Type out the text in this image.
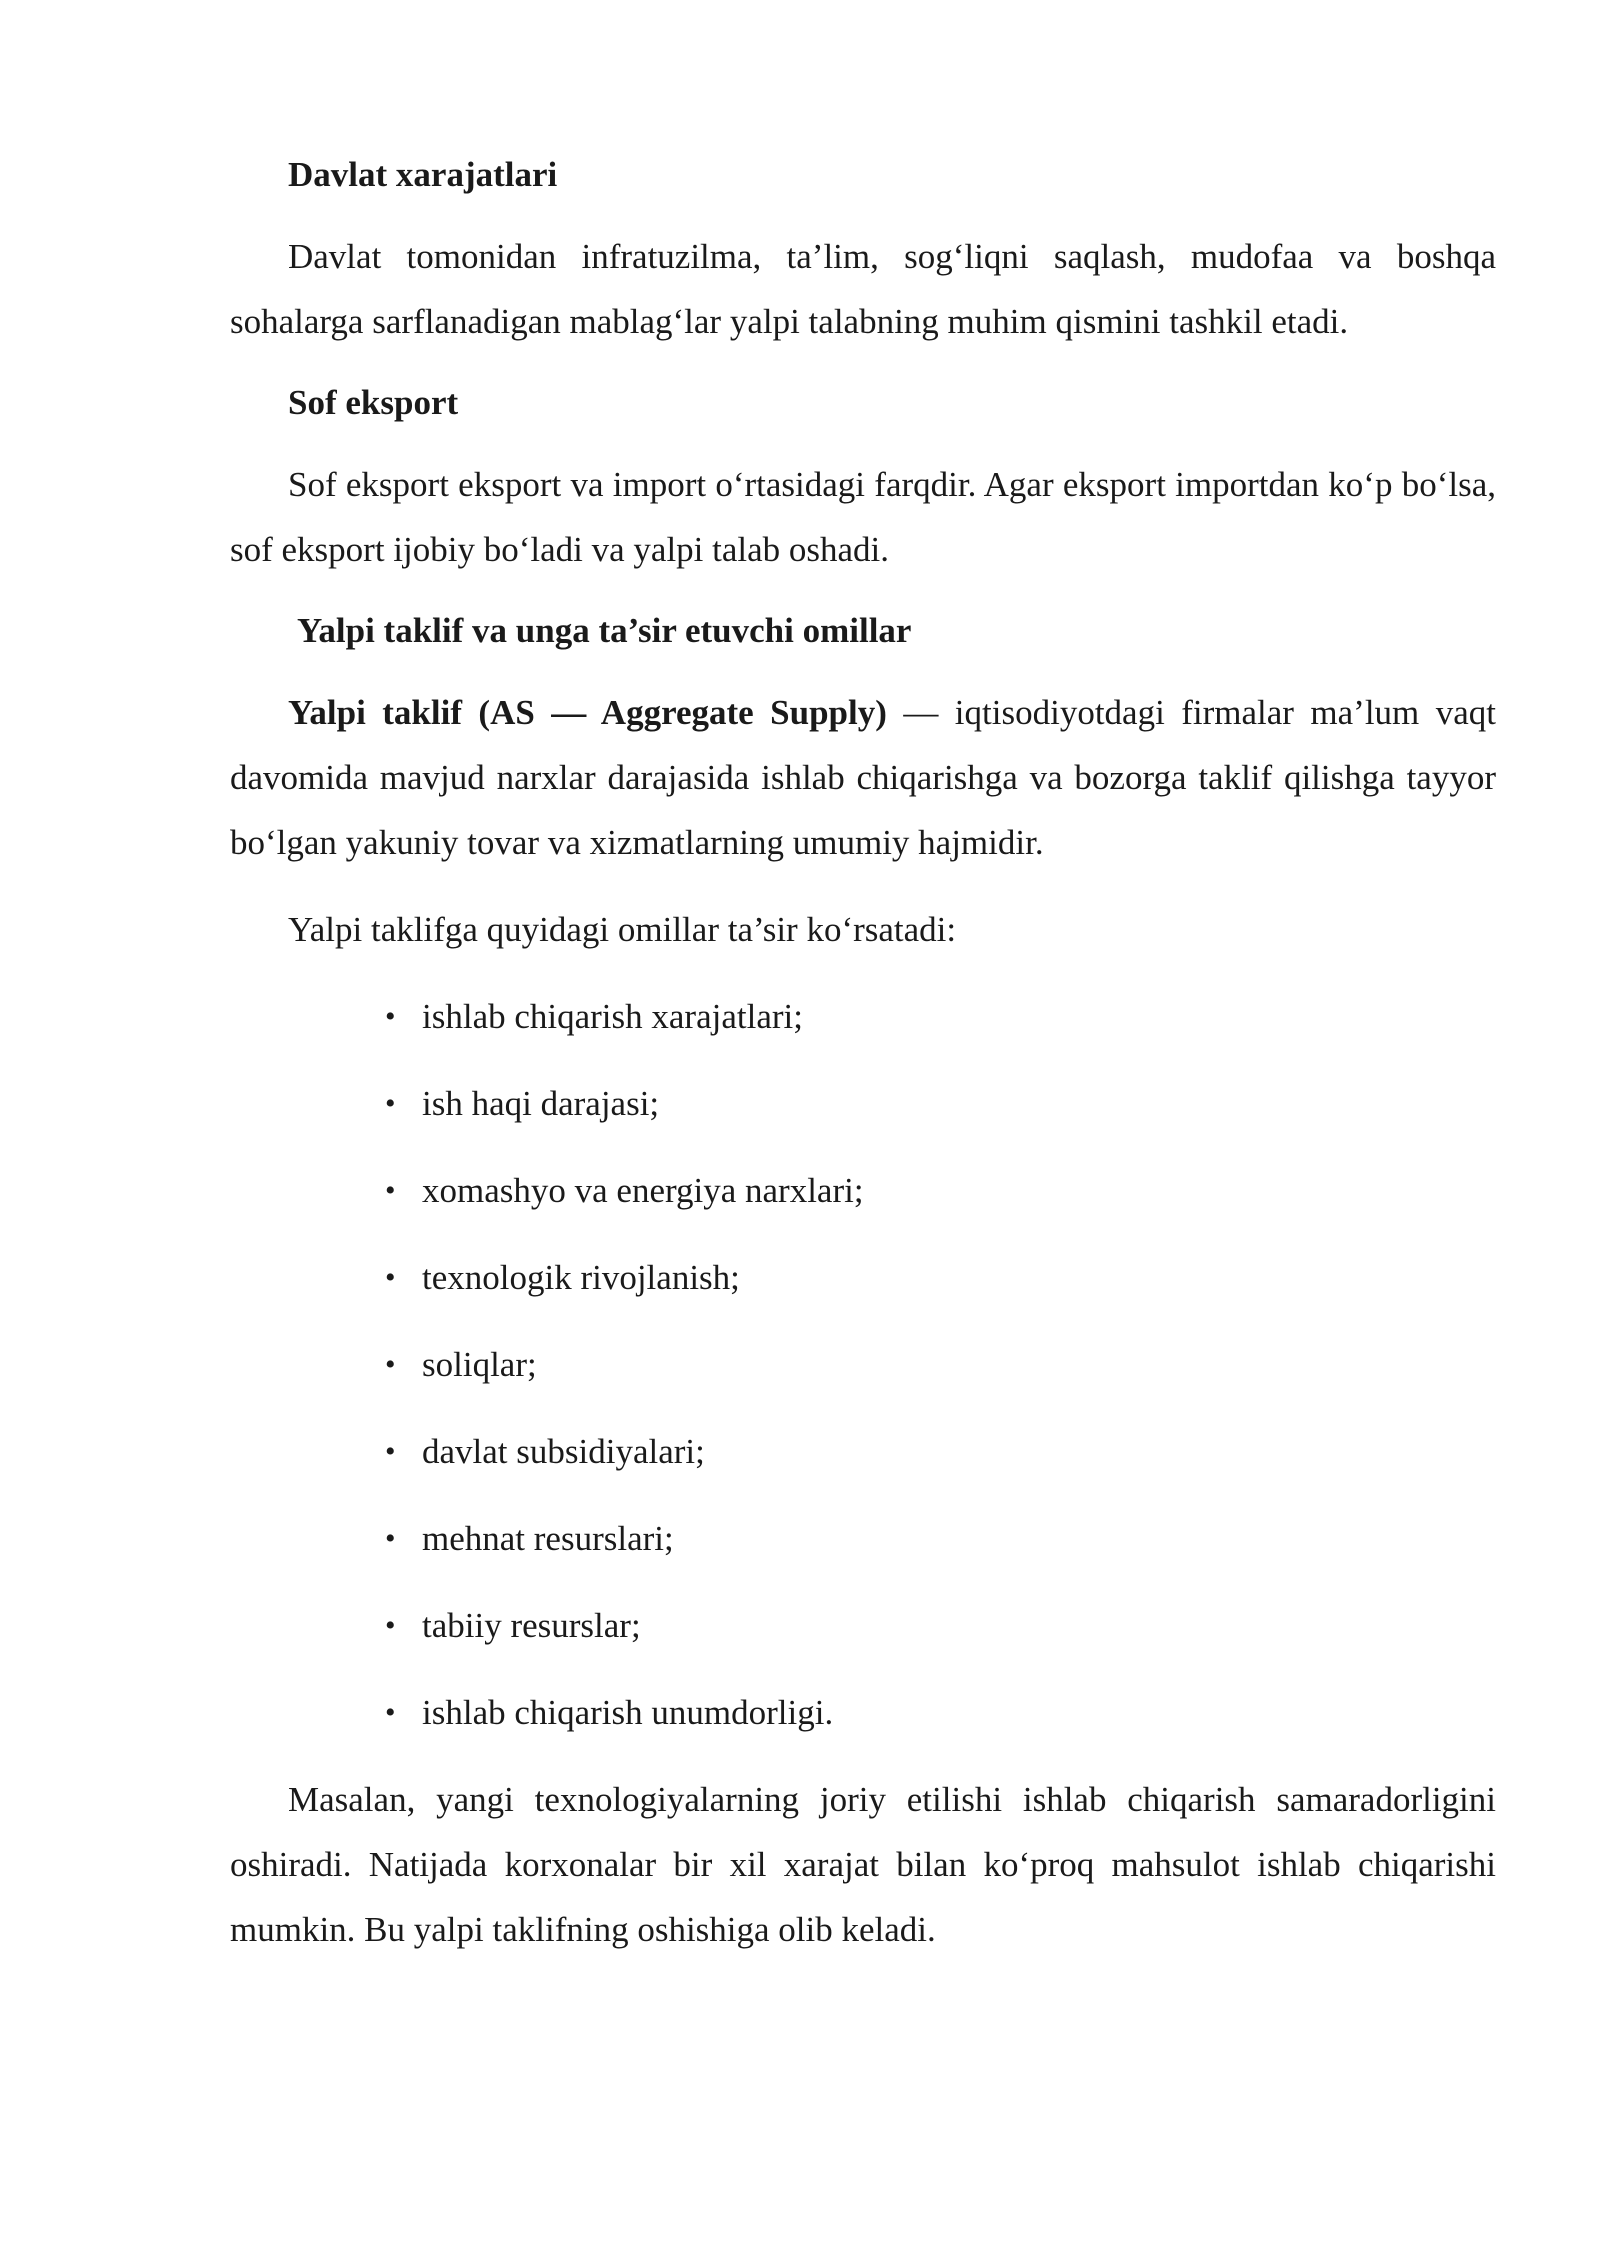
Davlat xarajatlari

Davlat tomonidan infratuzilma, ta’lim, sog‘liqni saqlash, mudofaa va boshqa sohalarga sarflanadigan mablag‘lar yalpi talabning muhim qismini tashkil etadi.

Sof eksport

Sof eksport eksport va import o‘rtasidagi farqdir. Agar eksport importdan ko‘p bo‘lsa, sof eksport ijobiy bo‘ladi va yalpi talab oshadi.

Yalpi taklif va unga ta’sir etuvchi omillar

Yalpi taklif (AS — Aggregate Supply) — iqtisodiyotdagi firmalar ma’lum vaqt davomida mavjud narxlar darajasida ishlab chiqarishga va bozorga taklif qilishga tayyor bo‘lgan yakuniy tovar va xizmatlarning umumiy hajmidir.

Yalpi taklifga quyidagi omillar ta’sir ko‘rsatadi:

• ishlab chiqarish xarajatlari;
• ish haqi darajasi;
• xomashyo va energiya narxlari;
• texnologik rivojlanish;
• soliqlar;
• davlat subsidiyalari;
• mehnat resurslari;
• tabiiy resurslar;
• ishlab chiqarish unumdorligi.

Masalan, yangi texnologiyalarning joriy etilishi ishlab chiqarish samaradorligini oshiradi. Natijada korxonalar bir xil xarajat bilan ko‘proq mahsulot ishlab chiqarishi mumkin. Bu yalpi taklifning oshishiga olib keladi.
